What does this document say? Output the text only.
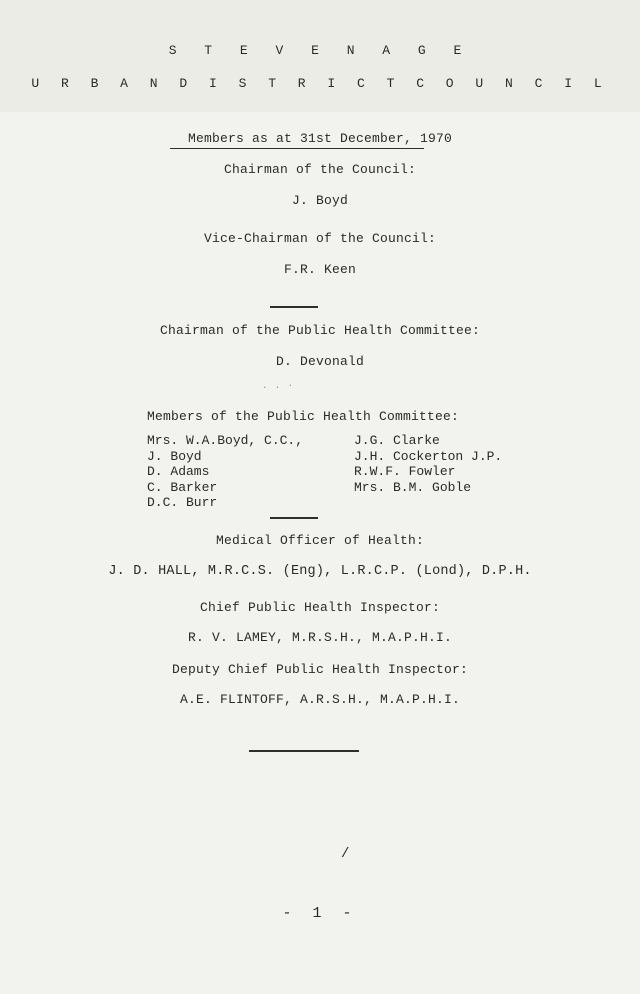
S T E V E N A G E
U R B A N D I S T R I C T C O U N C I L
Members as at 31st December, 1970
Chairman of the Council:
J. Boyd
Vice-Chairman of the Council:
F.R. Keen
Chairman of the Public Health Committee:
D. Devonald
. . ·
Members of the Public Health Committee:
Mrs. W.A.Boyd, C.C.,
J. Boyd
D. Adams
C. Barker
D.C. Burr
J.G. Clarke
J.H. Cockerton J.P.
R.W.F. Fowler
Mrs. B.M. Goble
Medical Officer of Health:
J. D. HALL, M.R.C.S. (Eng), L.R.C.P. (Lond), D.P.H.
Chief Public Health Inspector:
R. V. LAMEY, M.R.S.H., M.A.P.H.I.
Deputy Chief Public Health Inspector:
A.E. FLINTOFF, A.R.S.H., M.A.P.H.I.
/
- 1 -
